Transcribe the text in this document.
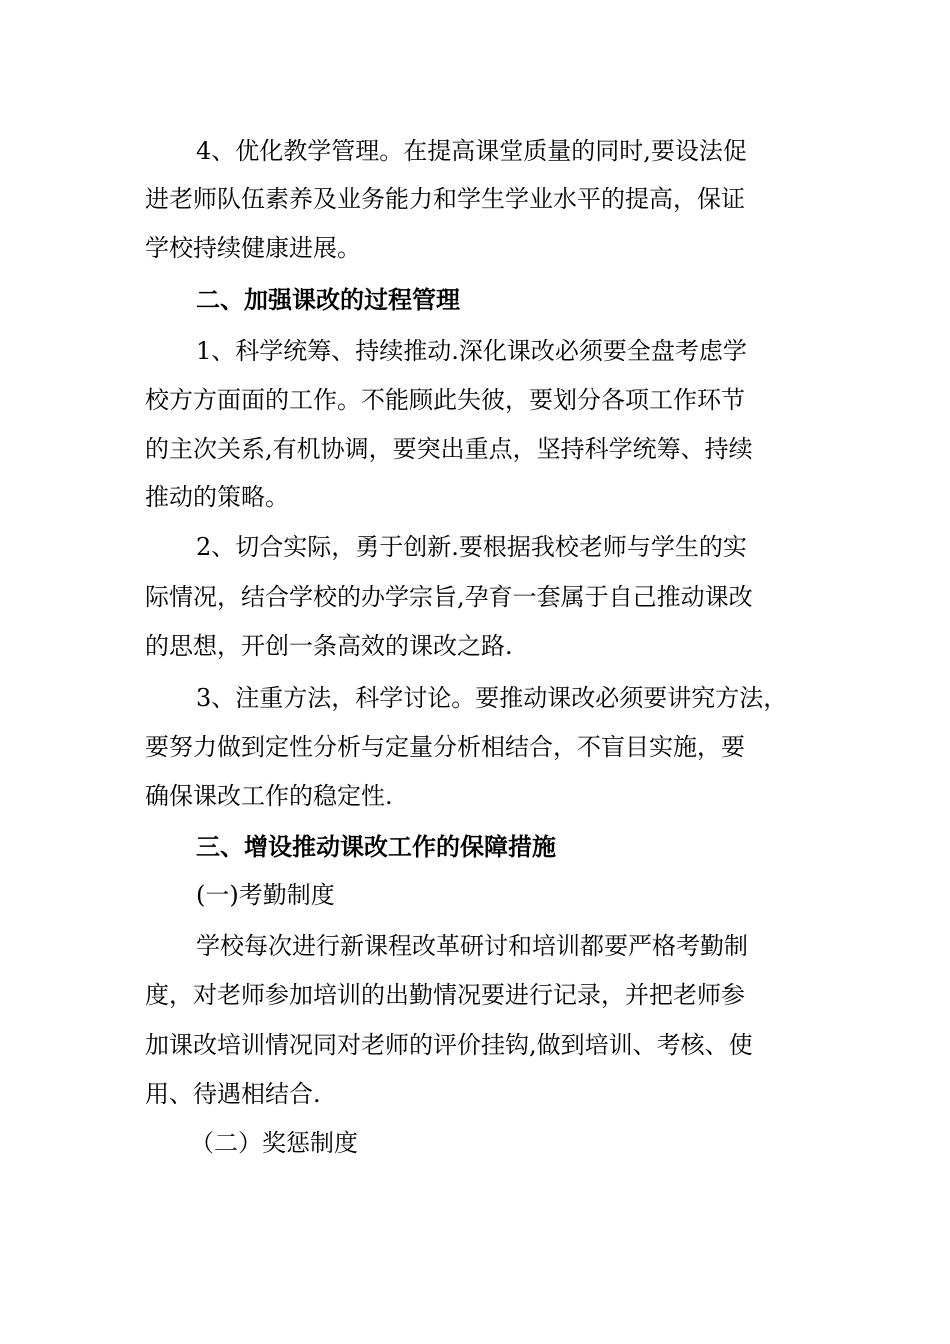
4、优化教学管理。在提高课堂质量的同时,要设法促
进老师队伍素养及业务能力和学生学业水平的提高，保证
学校持续健康进展。
二、加强课改的过程管理
1、科学统筹、持续推动.深化课改必须要全盘考虑学
校方方面面的工作。不能顾此失彼，要划分各项工作环节
的主次关系,有机协调，要突出重点，坚持科学统筹、持续
推动的策略。
2、切合实际，勇于创新.要根据我校老师与学生的实
际情况，结合学校的办学宗旨,孕育一套属于自己推动课改
的思想，开创一条高效的课改之路.
3、注重方法，科学讨论。要推动课改必须要讲究方法，
要努力做到定性分析与定量分析相结合，不盲目实施，要
确保课改工作的稳定性.
三、增设推动课改工作的保障措施
(一)考勤制度
学校每次进行新课程改革研讨和培训都要严格考勤制
度，对老师参加培训的出勤情况要进行记录，并把老师参
加课改培训情况同对老师的评价挂钩,做到培训、考核、使
用、待遇相结合.
（二）奖惩制度
